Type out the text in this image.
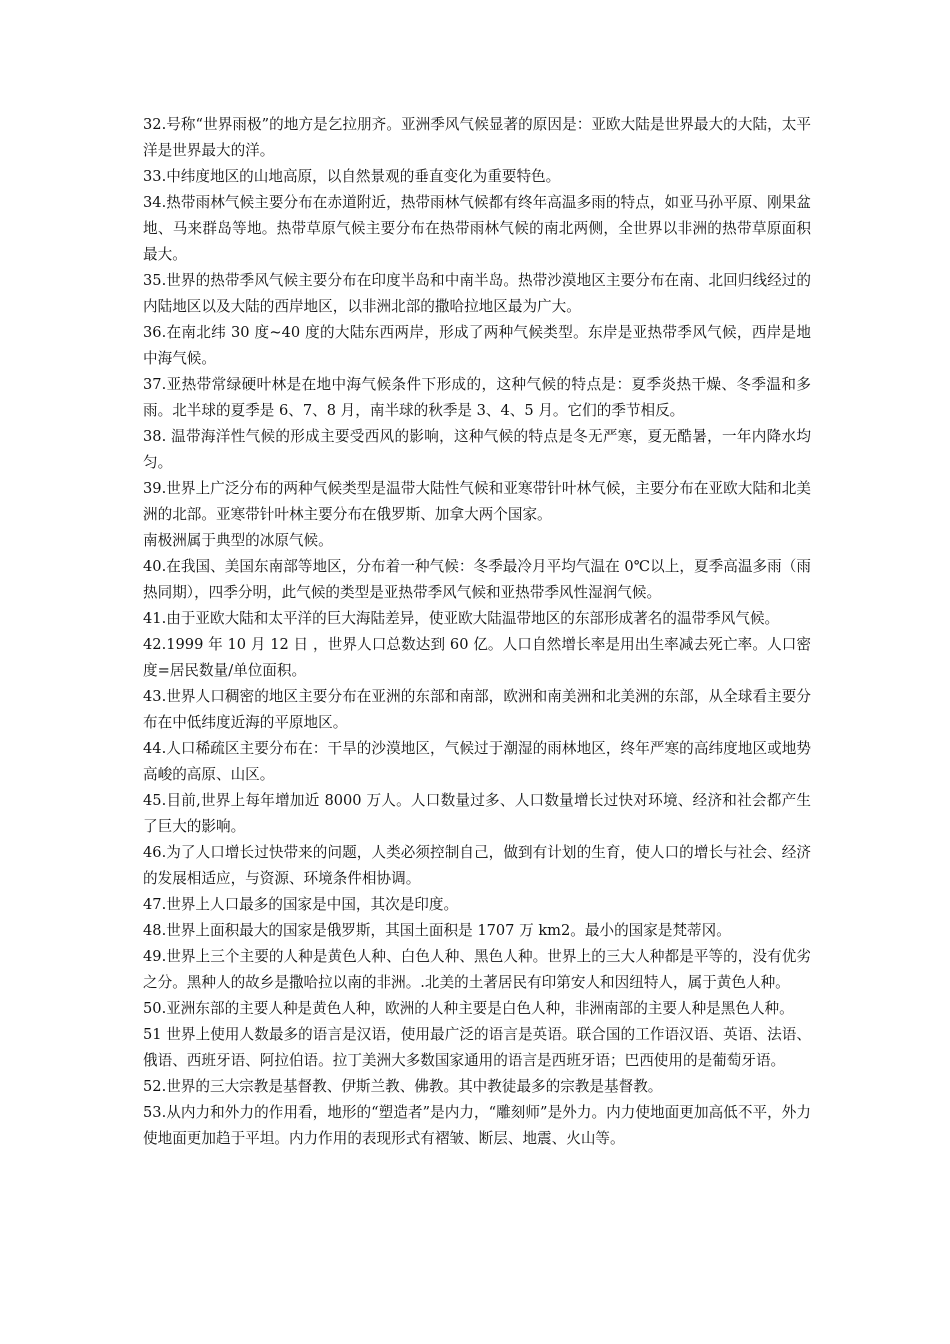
32.号称“世界雨极”的地方是乞拉朋齐。亚洲季风气候显著的原因是：亚欧大陆是世界最大的大陆，太平洋是世界最大的洋。

33.中纬度地区的山地高原，以自然景观的垂直变化为重要特色。

34.热带雨林气候主要分布在赤道附近，热带雨林气候都有终年高温多雨的特点，如亚马孙平原、刚果盆地、马来群岛等地。热带草原气候主要分布在热带雨林气候的南北两侧，全世界以非洲的热带草原面积最大。

35.世界的热带季风气候主要分布在印度半岛和中南半岛。热带沙漠地区主要分布在南、北回归线经过的内陆地区以及大陆的西岸地区，以非洲北部的撒哈拉地区最为广大。

36.在南北纬 30 度~40 度的大陆东西两岸，形成了两种气候类型。东岸是亚热带季风气候，西岸是地中海气候。

37.亚热带常绿硬叶林是在地中海气候条件下形成的，这种气候的特点是：夏季炎热干燥、冬季温和多雨。北半球的夏季是 6、7、8 月，南半球的秋季是 3、4、5 月。它们的季节相反。

38. 温带海洋性气候的形成主要受西风的影响，这种气候的特点是冬无严寒，夏无酷暑，一年内降水均匀。

39.世界上广泛分布的两种气候类型是温带大陆性气候和亚寒带针叶林气候，主要分布在亚欧大陆和北美洲的北部。亚寒带针叶林主要分布在俄罗斯、加拿大两个国家。

南极洲属于典型的冰原气候。

40.在我国、美国东南部等地区，分布着一种气候：冬季最冷月平均气温在 0℃以上，夏季高温多雨（雨热同期），四季分明，此气候的类型是亚热带季风气候和亚热带季风性湿润气候。

41.由于亚欧大陆和太平洋的巨大海陆差异，使亚欧大陆温带地区的东部形成著名的温带季风气候。

42.1999 年 10 月 12 日 ，世界人口总数达到 60 亿。人口自然增长率是用出生率减去死亡率。人口密度=居民数量/单位面积。

43.世界人口稠密的地区主要分布在亚洲的东部和南部，欧洲和南美洲和北美洲的东部，从全球看主要分布在中低纬度近海的平原地区。

44.人口稀疏区主要分布在：干旱的沙漠地区，气候过于潮湿的雨林地区，终年严寒的高纬度地区或地势高峻的高原、山区。

45.目前,世界上每年增加近 8000 万人。人口数量过多、人口数量增长过快对环境、经济和社会都产生了巨大的影响。

46.为了人口增长过快带来的问题，人类必须控制自己，做到有计划的生育，使人口的增长与社会、经济的发展相适应，与资源、环境条件相协调。

47.世界上人口最多的国家是中国，其次是印度。

48.世界上面积最大的国家是俄罗斯，其国土面积是 1707 万 km2。最小的国家是梵蒂冈。

49.世界上三个主要的人种是黄色人种、白色人种、黑色人种。世界上的三大人种都是平等的，没有优劣之分。黑种人的故乡是撒哈拉以南的非洲。.北美的土著居民有印第安人和因纽特人，属于黄色人种。

50.亚洲东部的主要人种是黄色人种，欧洲的人种主要是白色人种，非洲南部的主要人种是黑色人种。

51 世界上使用人数最多的语言是汉语，使用最广泛的语言是英语。联合国的工作语汉语、英语、法语、俄语、西班牙语、阿拉伯语。拉丁美洲大多数国家通用的语言是西班牙语；巴西使用的是葡萄牙语。

52.世界的三大宗教是基督教、伊斯兰教、佛教。其中教徒最多的宗教是基督教。

53.从内力和外力的作用看，地形的“塑造者”是内力，“雕刻师”是外力。内力使地面更加高低不平，外力使地面更加趋于平坦。内力作用的表现形式有褶皱、断层、地震、火山等。
